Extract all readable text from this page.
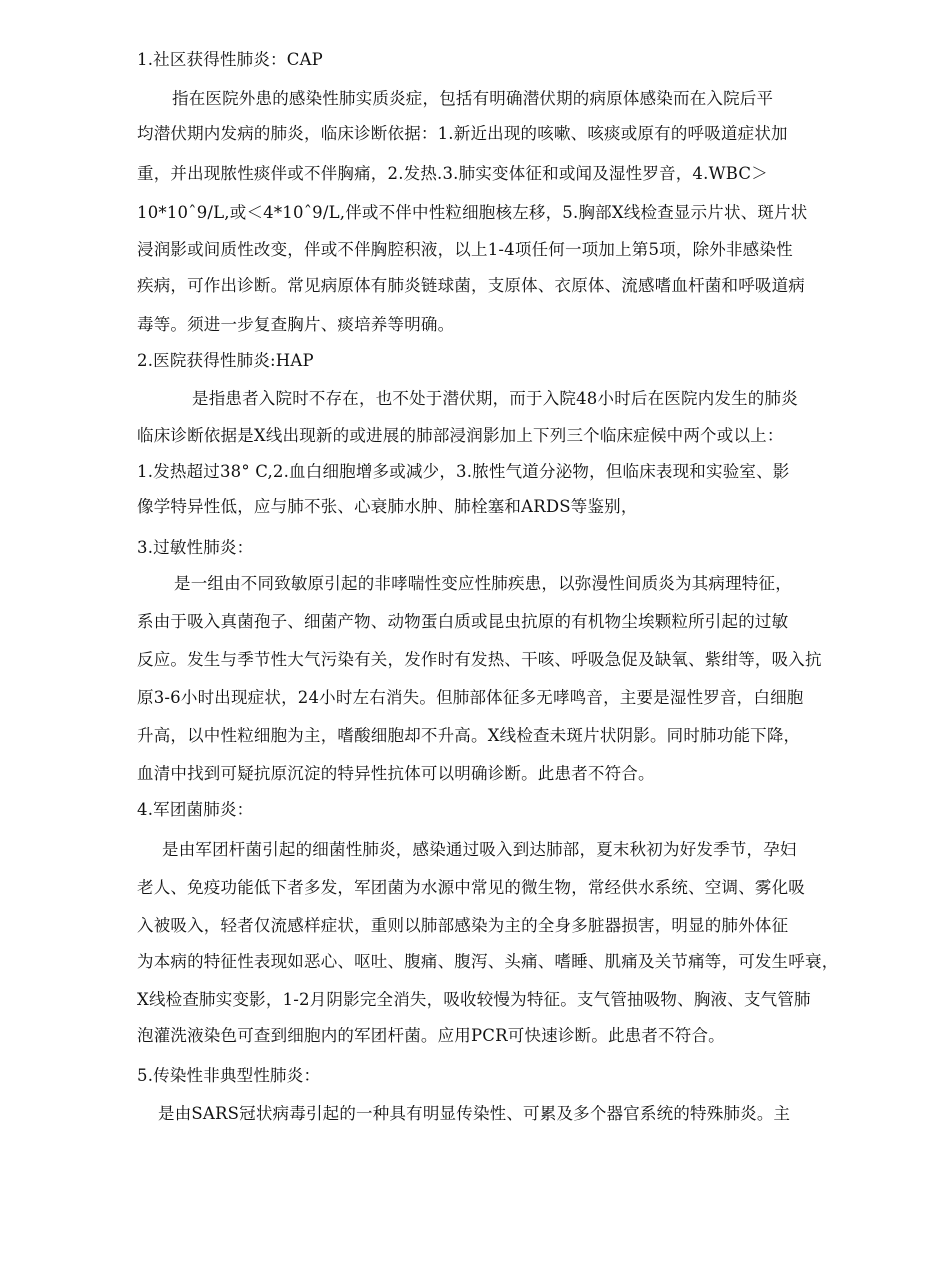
1.社区获得性肺炎：CAP
指在医院外患的感染性肺实质炎症，包括有明确潜伏期的病原体感染而在入院后平
均潜伏期内发病的肺炎，临床诊断依据：1.新近出现的咳嗽、咳痰或原有的呼吸道症状加
重，并出现脓性痰伴或不伴胸痛，2.发热.3.肺实变体征和或闻及湿性罗音，4.WBC＞
10*10ˆ9/L,或＜4*10ˆ9/L,伴或不伴中性粒细胞核左移，5.胸部X线检查显示片状、斑片状
浸润影或间质性改变，伴或不伴胸腔积液，以上1-4项任何一项加上第5项，除外非感染性
疾病，可作出诊断。常见病原体有肺炎链球菌，支原体、衣原体、流感嗜血杆菌和呼吸道病
毒等。须进一步复查胸片、痰培养等明确。
2.医院获得性肺炎:HAP
是指患者入院时不存在，也不处于潜伏期，而于入院48小时后在医院内发生的肺炎
临床诊断依据是X线出现新的或进展的肺部浸润影加上下列三个临床症候中两个或以上：
1.发热超过38° C,2.血白细胞增多或减少，3.脓性气道分泌物，但临床表现和实验室、影
像学特异性低，应与肺不张、心衰肺水肿、肺栓塞和ARDS等鉴别，
3.过敏性肺炎：
是一组由不同致敏原引起的非哮喘性变应性肺疾患，以弥漫性间质炎为其病理特征，
系由于吸入真菌孢子、细菌产物、动物蛋白质或昆虫抗原的有机物尘埃颗粒所引起的过敏
反应。发生与季节性大气污染有关，发作时有发热、干咳、呼吸急促及缺氧、紫绀等，吸入抗
原3-6小时出现症状，24小时左右消失。但肺部体征多无哮鸣音，主要是湿性罗音，白细胞
升高，以中性粒细胞为主，嗜酸细胞却不升高。X线检查未斑片状阴影。同时肺功能下降，
血清中找到可疑抗原沉淀的特异性抗体可以明确诊断。此患者不符合。
4.军团菌肺炎：
是由军团杆菌引起的细菌性肺炎，感染通过吸入到达肺部，夏末秋初为好发季节，孕妇
老人、免疫功能低下者多发，军团菌为水源中常见的微生物，常经供水系统、空调、雾化吸
入被吸入，轻者仅流感样症状，重则以肺部感染为主的全身多脏器损害，明显的肺外体征
为本病的特征性表现如恶心、呕吐、腹痛、腹泻、头痛、嗜睡、肌痛及关节痛等，可发生呼衰，
X线检查肺实变影，1-2月阴影完全消失，吸收较慢为特征。支气管抽吸物、胸液、支气管肺
泡灌洗液染色可查到细胞内的军团杆菌。应用PCR可快速诊断。此患者不符合。
5.传染性非典型性肺炎：
是由SARS冠状病毒引起的一种具有明显传染性、可累及多个器官系统的特殊肺炎。主
